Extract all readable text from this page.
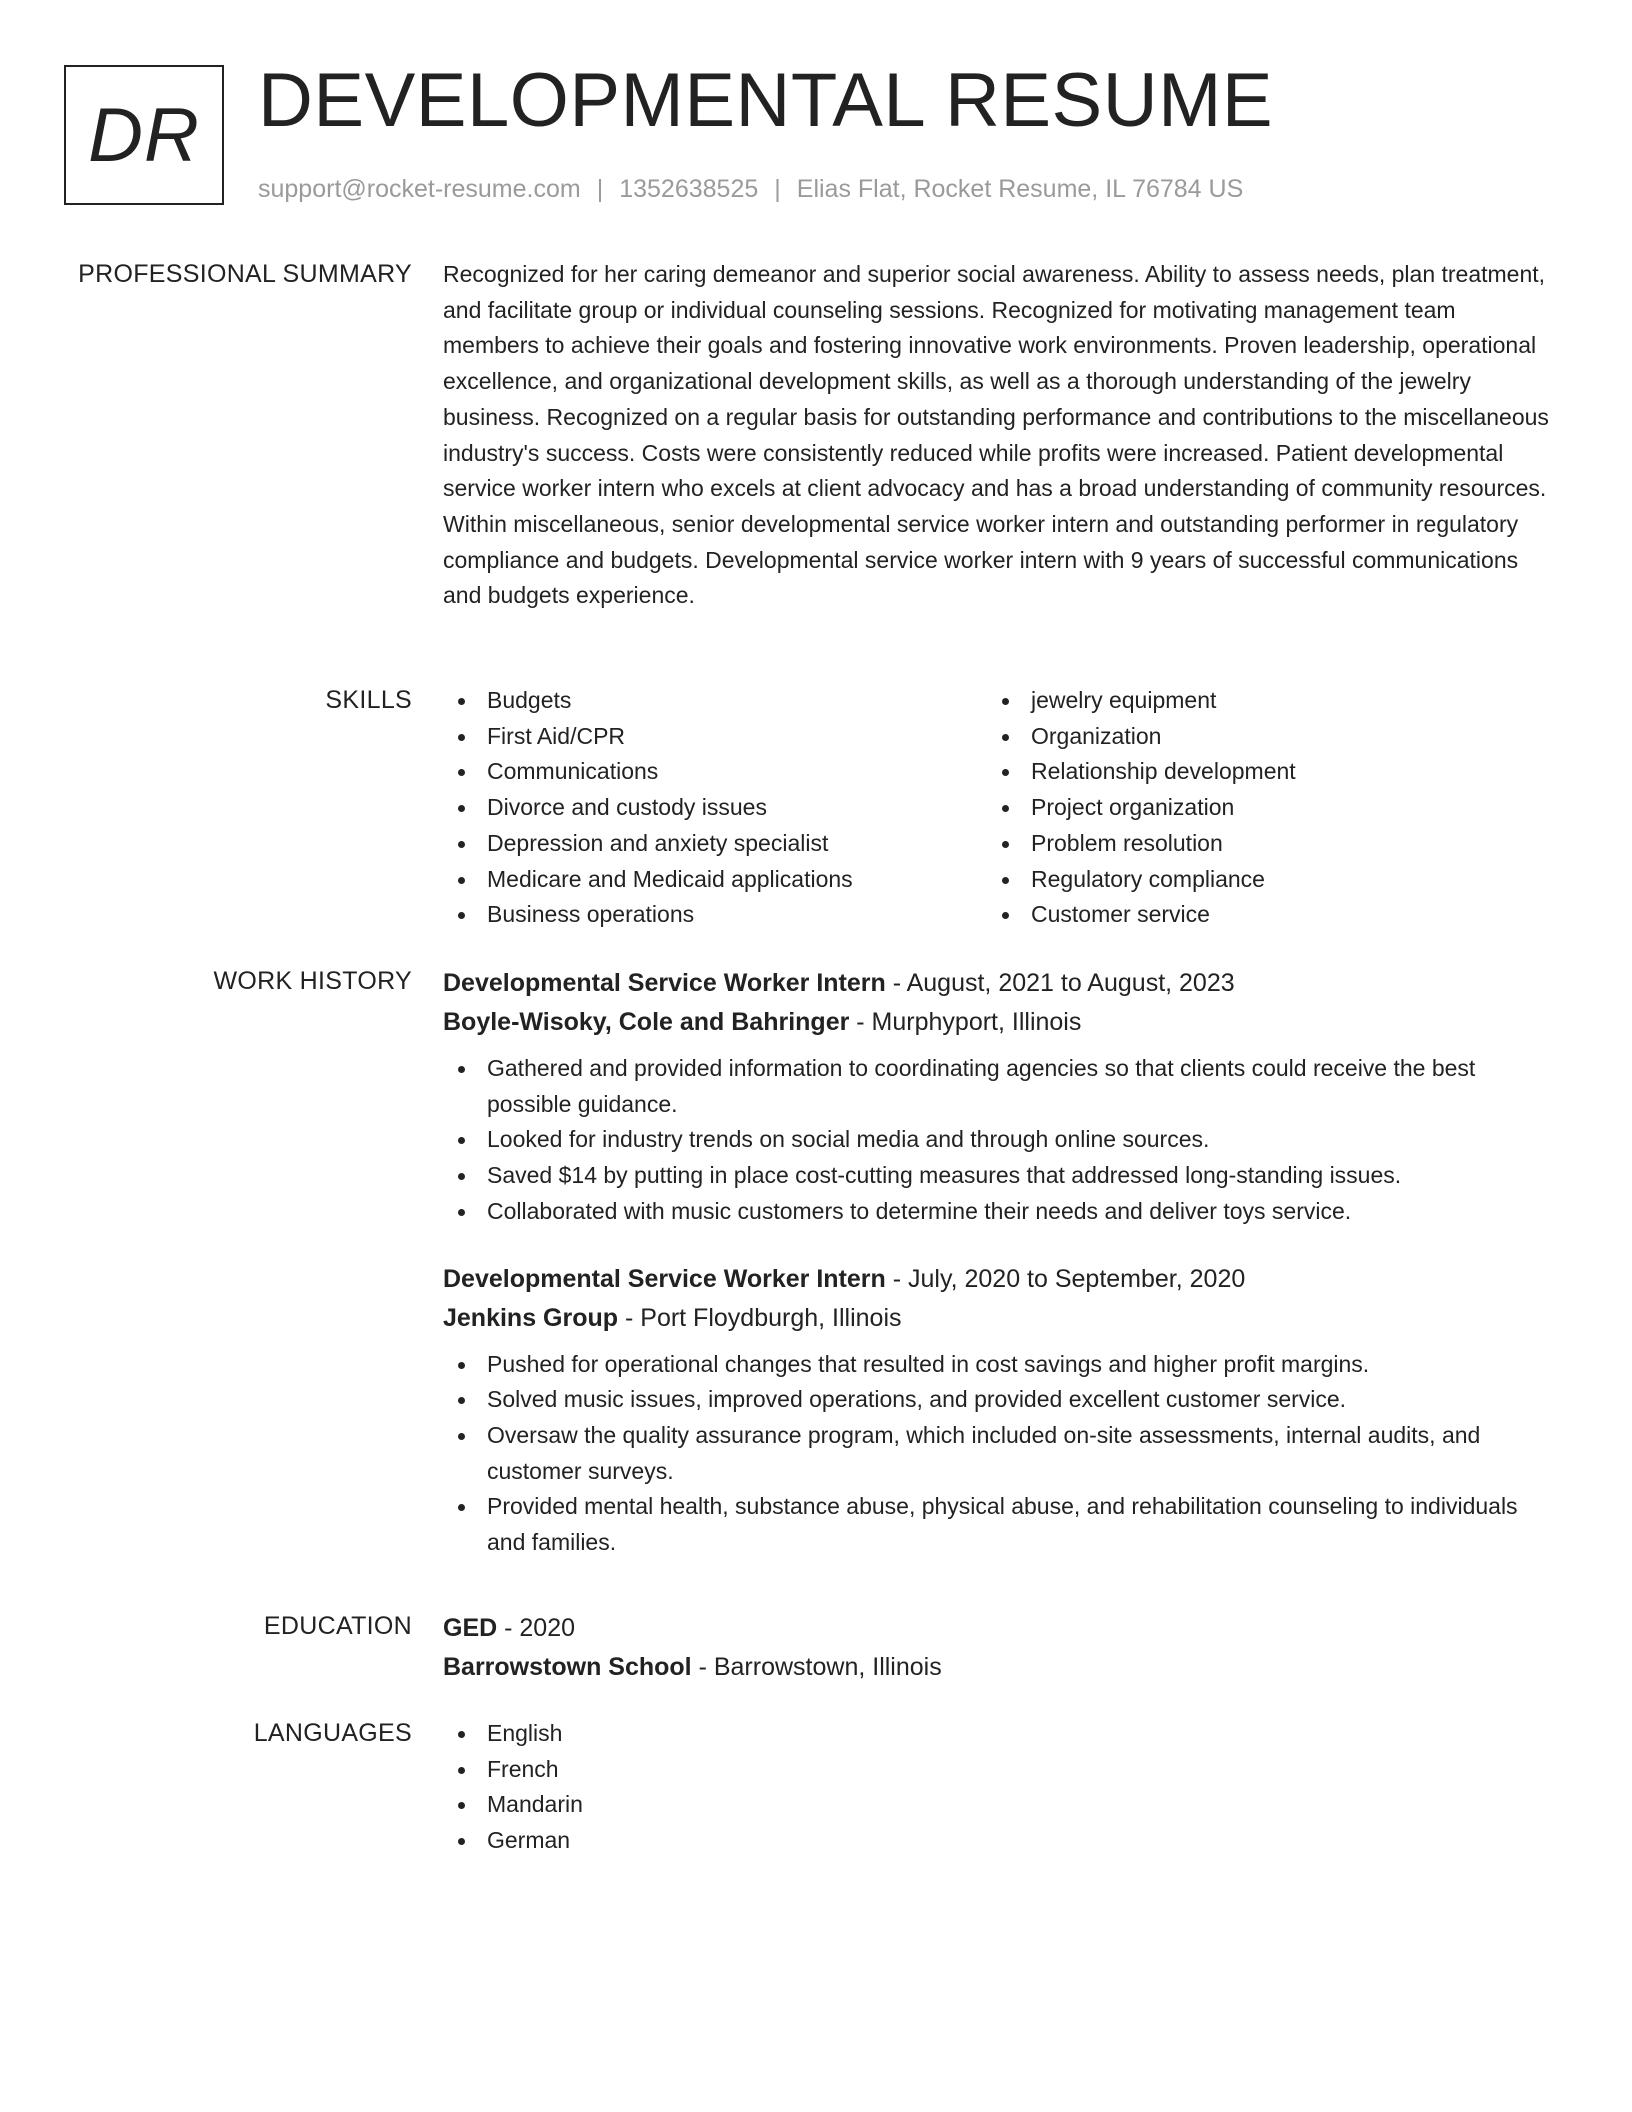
DR DEVELOPMENTAL RESUME
support@rocket-resume.com | 1352638525 | Elias Flat, Rocket Resume, IL 76784 US
PROFESSIONAL SUMMARY Recognized for her caring demeanor and superior social awareness. Ability to assess needs, plan treatment, and facilitate group or individual counseling sessions. Recognized for motivating management team members to achieve their goals and fostering innovative work environments. Proven leadership, operational excellence, and organizational development skills, as well as a thorough understanding of the jewelry business. Recognized on a regular basis for outstanding performance and contributions to the miscellaneous industry's success. Costs were consistently reduced while profits were increased. Patient developmental service worker intern who excels at client advocacy and has a broad understanding of community resources. Within miscellaneous, senior developmental service worker intern and outstanding performer in regulatory compliance and budgets. Developmental service worker intern with 9 years of successful communications and budgets experience.

SKILLS	Budgets
First Aid/CPR
Communications
Divorce and custody issues
Depression and anxiety specialist
Medicare and Medicaid applications
Business operations
jewelry equipment
Organization
Relationship development
Project organization
Problem resolution
Regulatory compliance
Customer service
WORK HISTORY Developmental Service Worker Intern - August, 2021 to August, 2023
Boyle-Wisoky, Cole and Bahringer - Murphyport, Illinois
Gathered and provided information to coordinating agencies so that clients could receive the best possible guidance.
Looked for industry trends on social media and through online sources.
Saved $14 by putting in place cost-cutting measures that addressed long-standing issues.
Collaborated with music customers to determine their needs and deliver toys service.
Developmental Service Worker Intern - July, 2020 to September, 2020
Jenkins Group - Port Floydburgh, Illinois
Pushed for operational changes that resulted in cost savings and higher profit margins.
Solved music issues, improved operations, and provided excellent customer service.
Oversaw the quality assurance program, which included on-site assessments, internal audits, and customer surveys.
Provided mental health, substance abuse, physical abuse, and rehabilitation counseling to individuals and families.
EDUCATION GED - 2020
Barrowstown School - Barrowstown, Illinois
LANGUAGES	English
French
Mandarin
German
